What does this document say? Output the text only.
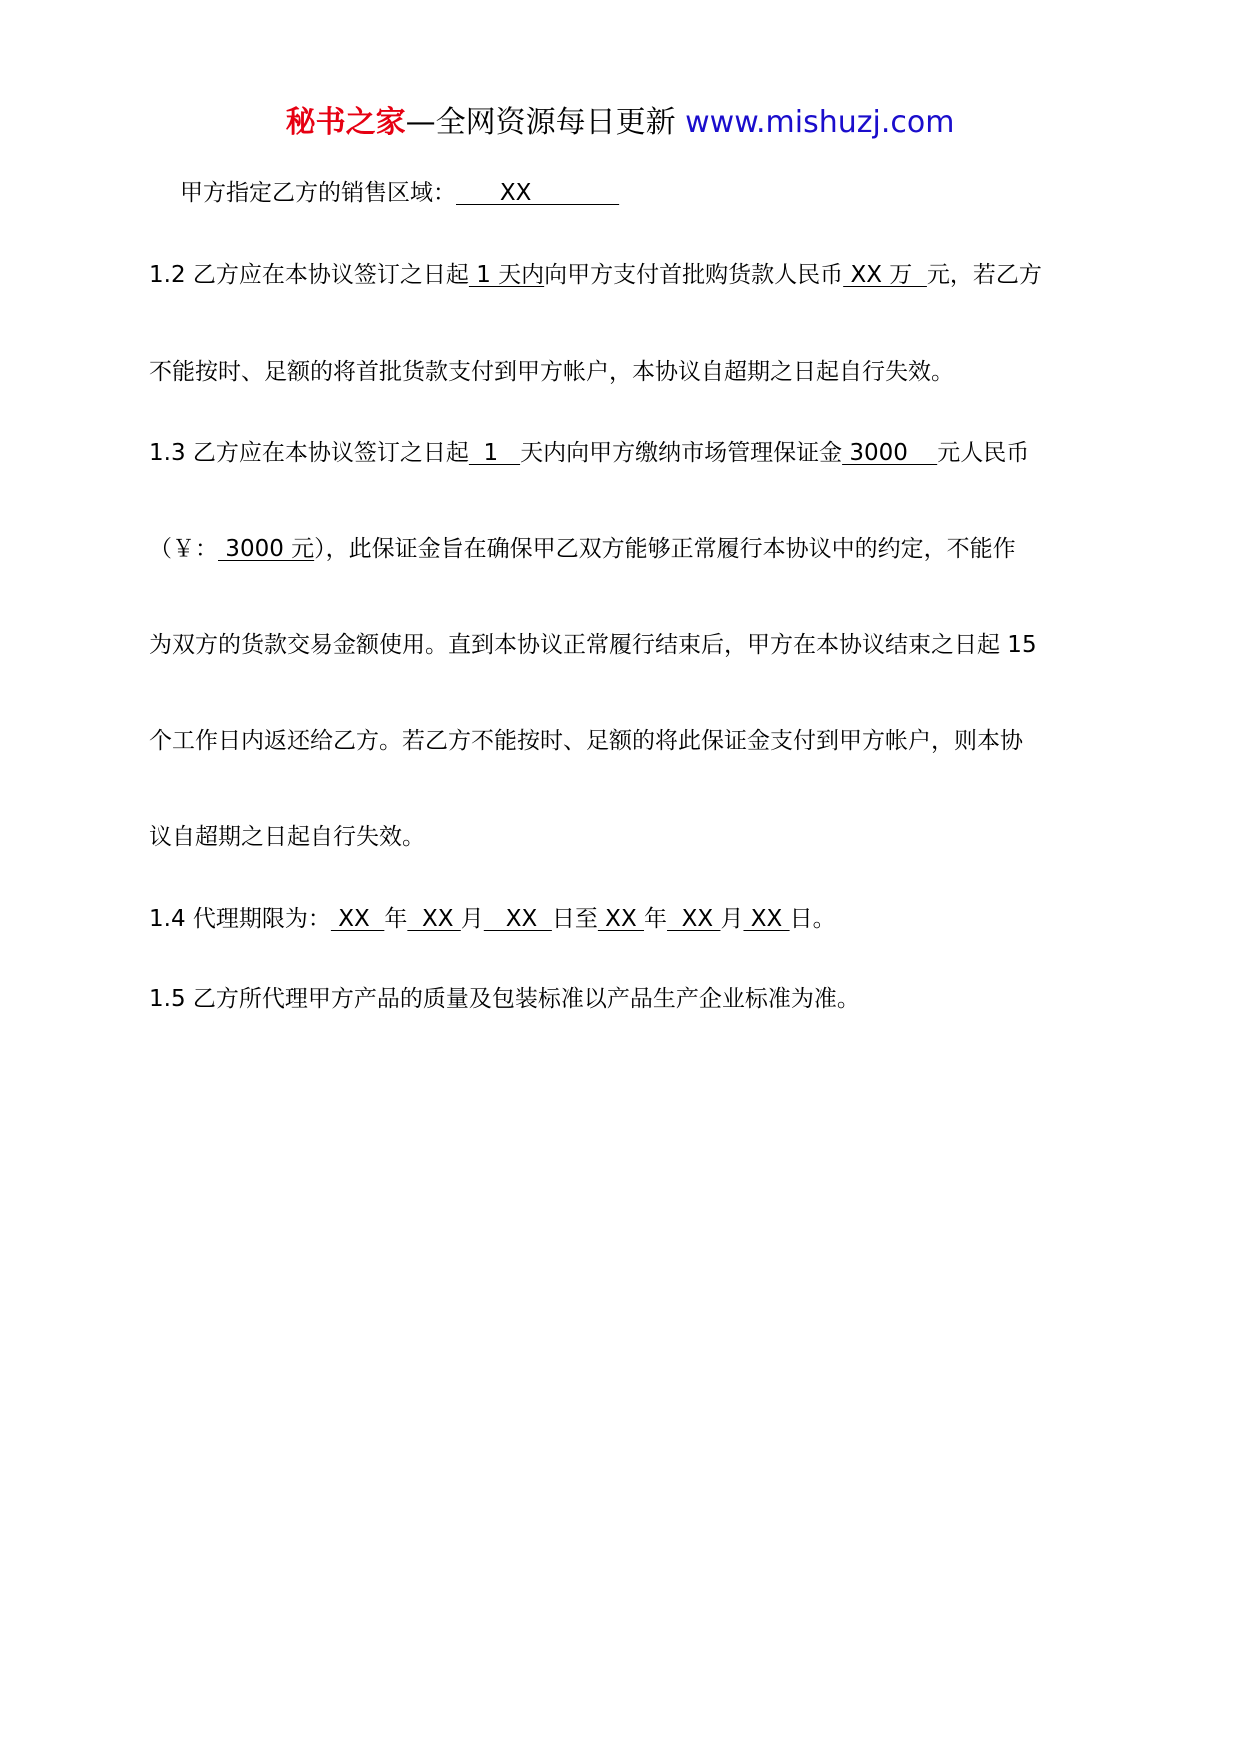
秘书之家—全网资源每日更新 www.mishuzj.com
甲方指定乙方的销售区域：      XX
1.2 乙方应在本协议签订之日起 1 天内向甲方支付首批购货款人民币 XX 万  元，若乙方
不能按时、足额的将首批货款支付到甲方帐户，本协议自超期之日起自行失效。
1.3 乙方应在本协议签订之日起  1   天内向甲方缴纳市场管理保证金 3000    元人民币
（￥： 3000 元），此保证金旨在确保甲乙双方能够正常履行本协议中的约定，不能作
为双方的货款交易金额使用。直到本协议正常履行结束后，甲方在本协议结束之日起 15
个工作日内返还给乙方。若乙方不能按时、足额的将此保证金支付到甲方帐户，则本协
议自超期之日起自行失效。
1.4 代理期限为： XX  年  XX 月   XX  日至 XX 年  XX 月 XX 日。
1.5 乙方所代理甲方产品的质量及包装标准以产品生产企业标准为准。
